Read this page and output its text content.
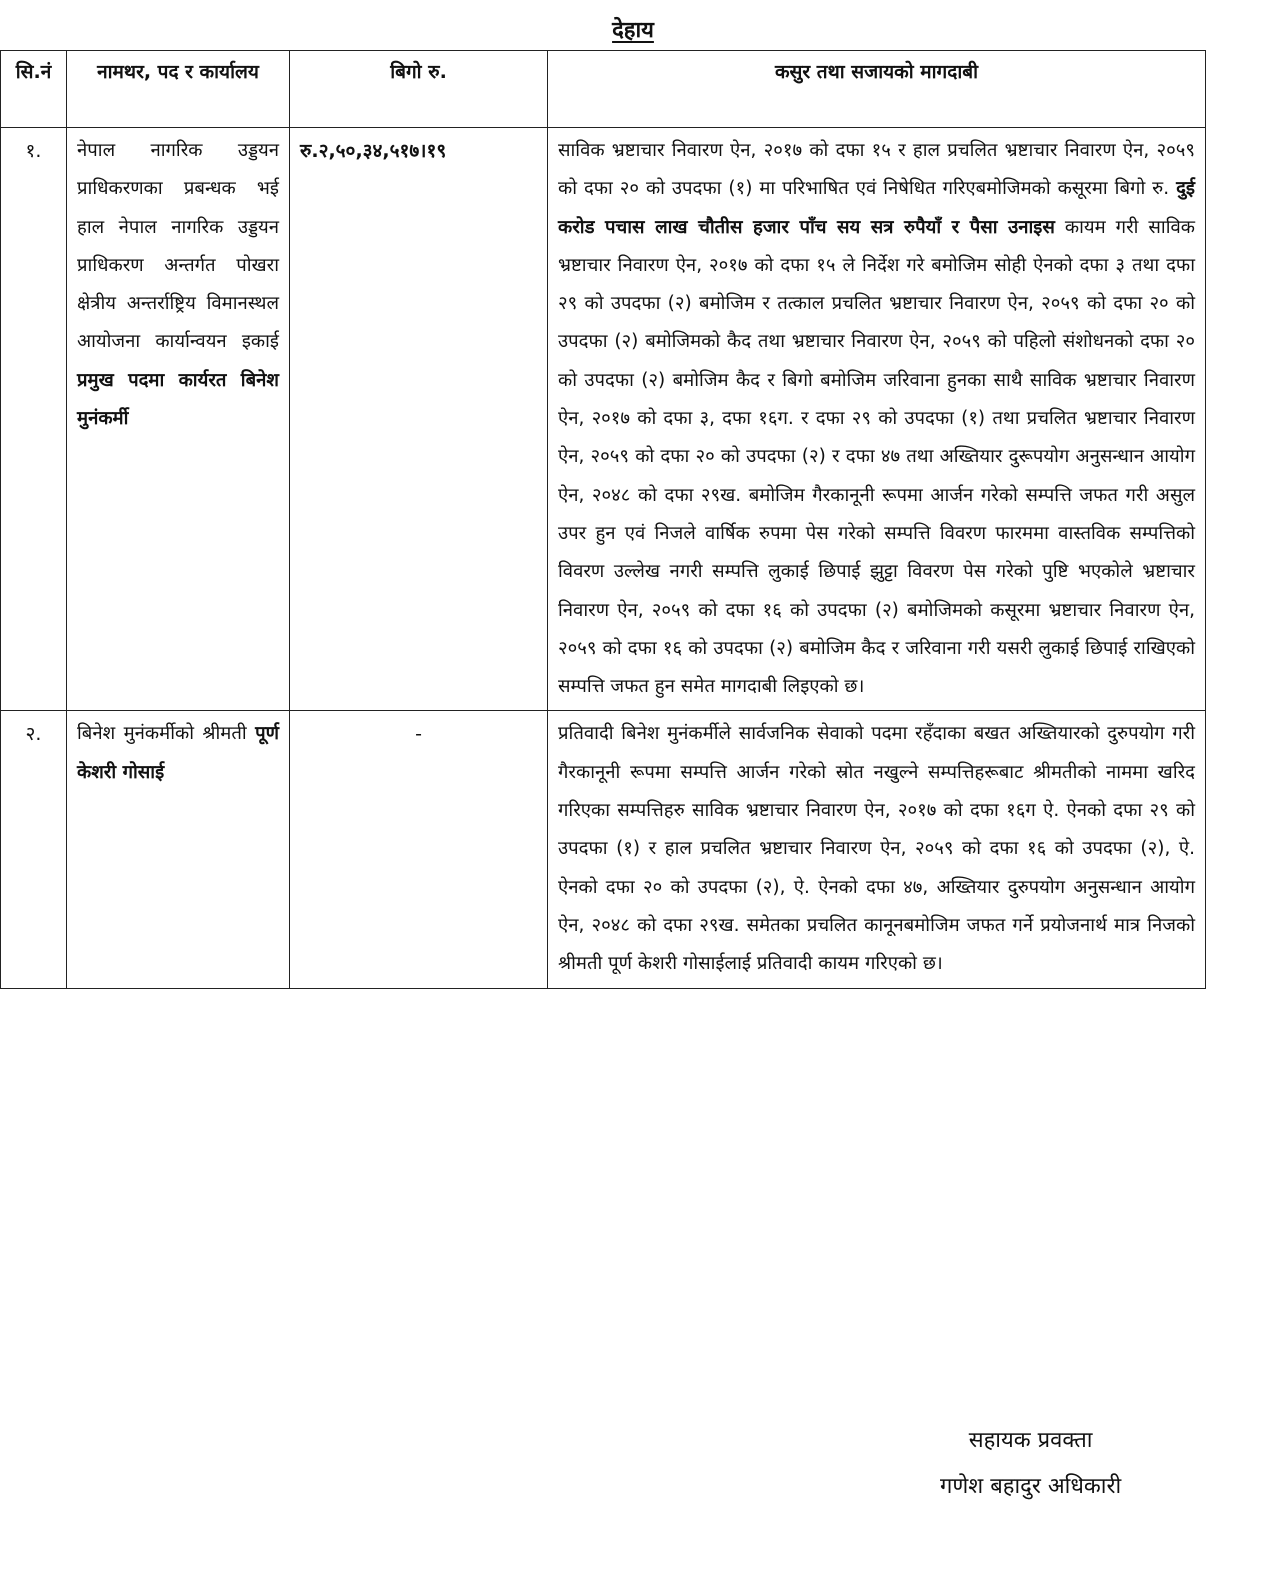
देहाय
सि.नं	नामथर, पद र कार्यालय	बिगो रु.	कसुर तथा सजायको मागदाबी
१.	नेपाल नागरिक उड्डयन प्राधिकरणका प्रबन्धक भई हाल नेपाल नागरिक उड्डयन प्राधिकरण अन्तर्गत पोखरा क्षेत्रीय अन्तर्राष्ट्रिय विमानस्थल आयोजना कार्यान्वयन इकाई प्रमुख पदमा कार्यरत बिनेश मुनंकर्मी	रु.२,५०,३४,५१७।१९	साविक भ्रष्टाचार निवारण ऐन, २०१७ को दफा १५ र हाल प्रचलित भ्रष्टाचार निवारण ऐन, २०५९ को दफा २० को उपदफा (१) मा परिभाषित एवं निषेधित गरिएबमोजिमको कसूरमा बिगो रु. दुई करोड पचास लाख चौतीस हजार पाँच सय सत्र रुपैयाँ र पैसा उनाइस कायम गरी साविक भ्रष्टाचार निवारण ऐन, २०१७ को दफा १५ ले निर्देश गरे बमोजिम सोही ऐनको दफा ३ तथा दफा २९ को उपदफा (२) बमोजिम र तत्काल प्रचलित भ्रष्टाचार निवारण ऐन, २०५९ को दफा २० को उपदफा (२) बमोजिमको कैद तथा भ्रष्टाचार निवारण ऐन, २०५९ को पहिलो संशोधनको दफा २० को उपदफा (२) बमोजिम कैद र बिगो बमोजिम जरिवाना हुनका साथै साविक भ्रष्टाचार निवारण ऐन, २०१७ को दफा ३, दफा १६ग. र दफा २९ को उपदफा (१) तथा प्रचलित भ्रष्टाचार निवारण ऐन, २०५९ को दफा २० को उपदफा (२) र दफा ४७ तथा अख्तियार दुरूपयोग अनुसन्धान आयोग ऐन, २०४८ को दफा २९ख. बमोजिम गैरकानूनी रूपमा आर्जन गरेको सम्पत्ति जफत गरी असुल उपर हुन एवं निजले वार्षिक रुपमा पेस गरेको सम्पत्ति विवरण फारममा वास्तविक सम्पत्तिको विवरण उल्लेख नगरी सम्पत्ति लुकाई छिपाई झुट्टा विवरण पेस गरेको पुष्टि भएकोले भ्रष्टाचार निवारण ऐन, २०५९ को दफा १६ को उपदफा (२) बमोजिमको कसूरमा भ्रष्टाचार निवारण ऐन, २०५९ को दफा १६ को उपदफा (२) बमोजिम कैद र जरिवाना गरी यसरी लुकाई छिपाई राखिएको सम्पत्ति जफत हुन समेत मागदाबी लिइएको छ।
२.	बिनेश मुनंकर्मीको श्रीमती पूर्ण केशरी गोसाई	-	प्रतिवादी बिनेश मुनंकर्मीले सार्वजनिक सेवाको पदमा रहँदाका बखत अख्तियारको दुरुपयोग गरी गैरकानूनी रूपमा सम्पत्ति आर्जन गरेको स्रोत नखुल्ने सम्पत्तिहरूबाट श्रीमतीको नाममा खरिद गरिएका सम्पत्तिहरु साविक भ्रष्टाचार निवारण ऐन, २०१७ को दफा १६ग ऐ. ऐनको दफा २९ को उपदफा (१) र हाल प्रचलित भ्रष्टाचार निवारण ऐन, २०५९ को दफा १६ को उपदफा (२), ऐ. ऐनको दफा २० को उपदफा (२), ऐ. ऐनको दफा ४७, अख्तियार दुरुपयोग अनुसन्धान आयोग ऐन, २०४८ को दफा २९ख. समेतका प्रचलित कानूनबमोजिम जफत गर्ने प्रयोजनार्थ मात्र निजको श्रीमती पूर्ण केशरी गोसाईलाई प्रतिवादी कायम गरिएको छ।
सहायक प्रवक्ता
गणेश बहादुर अधिकारी
